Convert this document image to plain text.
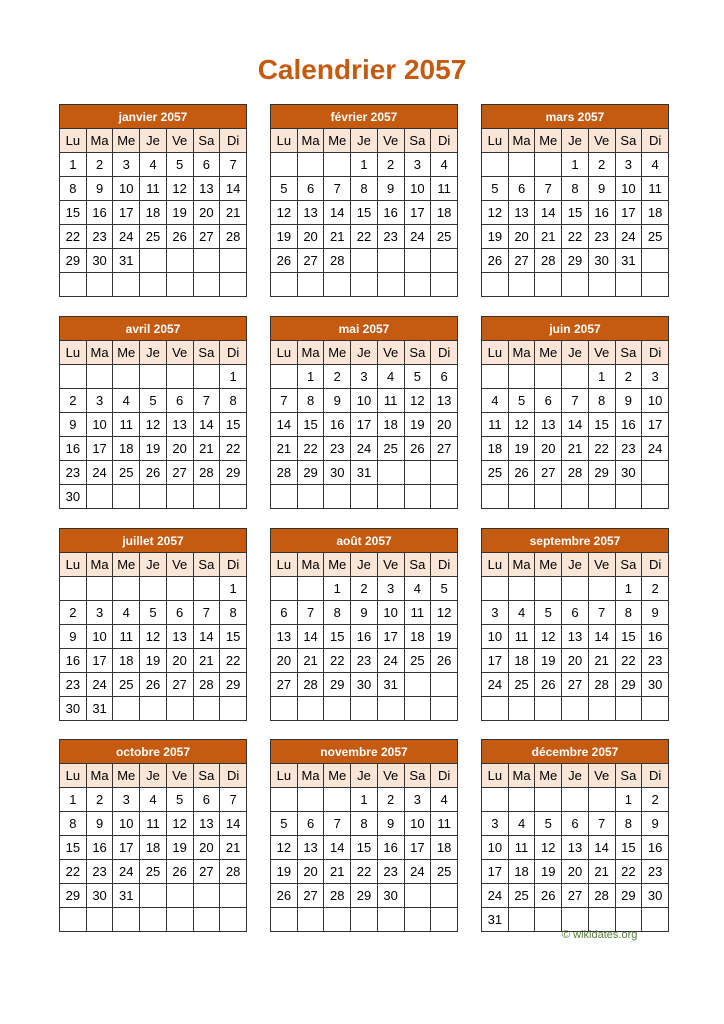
Calendrier 2057
janvier 2057						
Lu	Ma	Me	Je	Ve	Sa	Di
1	2	3	4	5	6	7
8	9	10	11	12	13	14
15	16	17	18	19	20	21
22	23	24	25	26	27	28
29	30	31				

février 2057						
Lu	Ma	Me	Je	Ve	Sa	Di
			1	2	3	4
5	6	7	8	9	10	11
12	13	14	15	16	17	18
19	20	21	22	23	24	25
26	27	28				

mars 2057						
Lu	Ma	Me	Je	Ve	Sa	Di
			1	2	3	4
5	6	7	8	9	10	11
12	13	14	15	16	17	18
19	20	21	22	23	24	25
26	27	28	29	30	31	

avril 2057						
Lu	Ma	Me	Je	Ve	Sa	Di
						1
2	3	4	5	6	7	8
9	10	11	12	13	14	15
16	17	18	19	20	21	22
23	24	25	26	27	28	29
30						
mai 2057						
Lu	Ma	Me	Je	Ve	Sa	Di
	1	2	3	4	5	6
7	8	9	10	11	12	13
14	15	16	17	18	19	20
21	22	23	24	25	26	27
28	29	30	31			

juin 2057						
Lu	Ma	Me	Je	Ve	Sa	Di
				1	2	3
4	5	6	7	8	9	10
11	12	13	14	15	16	17
18	19	20	21	22	23	24
25	26	27	28	29	30	

juillet 2057						
Lu	Ma	Me	Je	Ve	Sa	Di
						1
2	3	4	5	6	7	8
9	10	11	12	13	14	15
16	17	18	19	20	21	22
23	24	25	26	27	28	29
30	31					
août 2057						
Lu	Ma	Me	Je	Ve	Sa	Di
		1	2	3	4	5
6	7	8	9	10	11	12
13	14	15	16	17	18	19
20	21	22	23	24	25	26
27	28	29	30	31		

septembre 2057						
Lu	Ma	Me	Je	Ve	Sa	Di
					1	2
3	4	5	6	7	8	9
10	11	12	13	14	15	16
17	18	19	20	21	22	23
24	25	26	27	28	29	30

octobre 2057						
Lu	Ma	Me	Je	Ve	Sa	Di
1	2	3	4	5	6	7
8	9	10	11	12	13	14
15	16	17	18	19	20	21
22	23	24	25	26	27	28
29	30	31				

novembre 2057						
Lu	Ma	Me	Je	Ve	Sa	Di
			1	2	3	4
5	6	7	8	9	10	11
12	13	14	15	16	17	18
19	20	21	22	23	24	25
26	27	28	29	30		

décembre 2057						
Lu	Ma	Me	Je	Ve	Sa	Di
					1	2
3	4	5	6	7	8	9
10	11	12	13	14	15	16
17	18	19	20	21	22	23
24	25	26	27	28	29	30
31						
© wikidates.org
